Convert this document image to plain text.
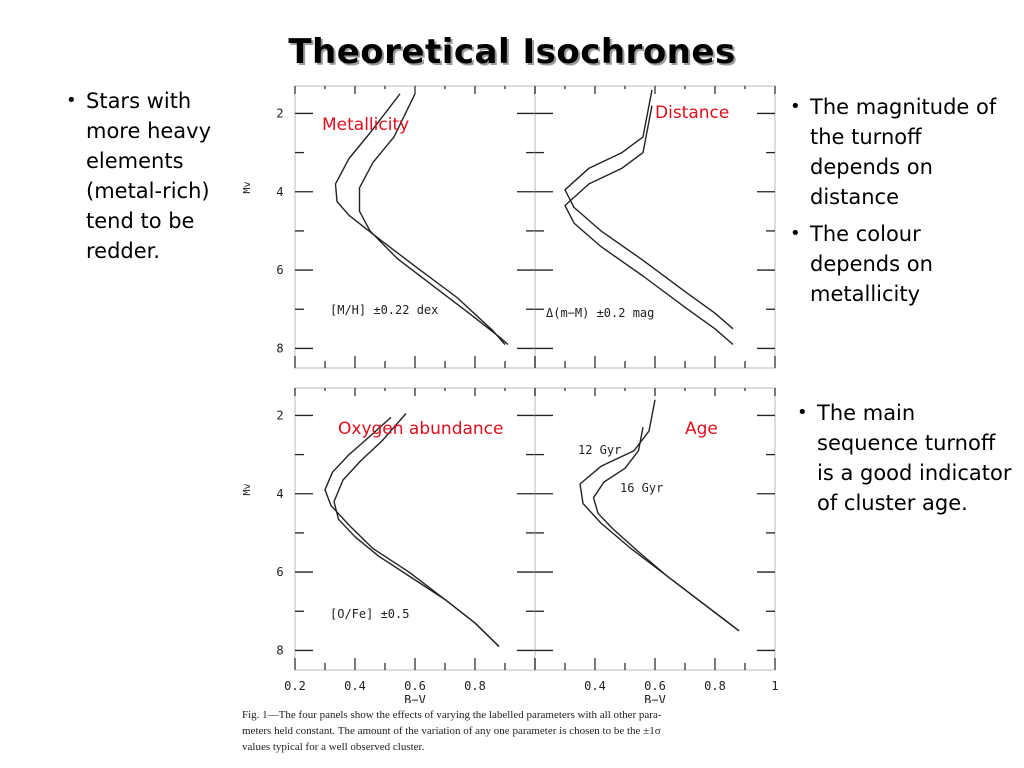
Theoretical Isochrones
• Stars with more heavy elements (metal-rich) tend to be redder.
• The magnitude of the turnoff depends on distance
• The colour depends on metallicity
• The main sequence turnoff is a good indicator of cluster age.
2
4
6
8
Mv
Metallicity
[M/H] ±0.22 dex
Distance
Δ(m−M) ±0.2 mag
2
4
6
8
0.2	0.4	0.6	0.8
B−V
Mv
Oxygen abundance
[O/Fe] ±0.5
0.4	0.6	0.8	1
B−V
Age
12 Gyr
16 Gyr
Fig. 1—The four panels show the effects of varying the labelled parameters with all other para-
meters held constant. The amount of the variation of any one parameter is chosen to be the ±1σ
values typical for a well observed cluster.
